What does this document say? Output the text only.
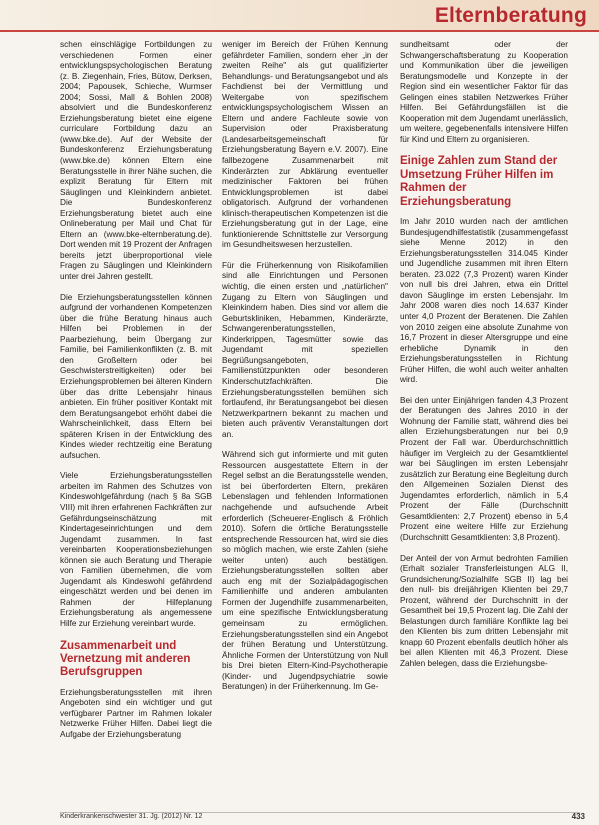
Elternberatung

schen einschlägige Fortbildungen zu verschiedenen Formen einer entwicklungspsychologischen Beratung (z. B. Ziegenhain, Fries, Bütow, Derksen, 2004; Papousek, Schieche, Wurmser 2004; Sossi, Mall & Bohlen 2008) absolviert und die Bundeskonferenz Erziehungsberatung bietet eine eigene curriculare Fortbildung dazu an (www.bke.de). Auf der Website der Bundeskonferenz Erziehungsberatung (www.bke.de) können Eltern eine Beratungsstelle in ihrer Nähe suchen, die explizit Beratung für Eltern mit Säuglingen und Kleinkindern anbietet. Die Bundeskonferenz Erziehungsberatung bietet auch eine Onlineberatung per Mail und Chat für Eltern an (www.bke-elternberatung.de). Dort wenden mit 19 Prozent der Anfragen bereits jetzt überproportional viele Fragen zu Säuglingen und Kleinkindern unter drei Jahren gestellt.

Die Erziehungsberatungsstellen können aufgrund der vorhandenen Kompetenzen über die frühe Beratung hinaus auch Hilfen bei Problemen in der Paarbeziehung, beim Übergang zur Familie, bei Familienkonflikten (z. B. mit den Großeltern oder bei Geschwisterstreitigkeiten) oder bei Erziehungsproblemen bei älteren Kindern über das dritte Lebensjahr hinaus anbieten. Ein früher positiver Kontakt mit dem Beratungsangebot erhöht dabei die Wahrscheinlichkeit, dass Eltern bei späteren Krisen in der Entwicklung des Kindes wieder rechtzeitig eine Beratung aufsuchen.

Viele Erziehungsberatungsstellen arbeiten im Rahmen des Schutzes von Kindeswohlgefährdung (nach § 8a SGB VIII) mit ihren erfahrenen Fachkräften zur Gefährdungseinschätzung mit Kindertageseinrichtungen und dem Jugendamt zusammen. In fast vereinbarten Kooperationsbeziehungen können sie auch Beratung und Therapie von Familien übernehmen, die vom Jugendamt als Kindeswohl gefährdend eingeschätzt werden und bei denen im Rahmen der Hilfeplanung Erziehungsberatung als angemessene Hilfe zur Erziehung vereinbart wurde.

Zusammenarbeit und Vernetzung mit anderen Berufsgruppen

Erziehungsberatungsstellen mit ihren Angeboten sind ein wichtiger und gut verfügbarer Partner im Rahmen lokaler Netzwerke Früher Hilfen. Dabei liegt die Aufgabe der Erziehungsberatung

weniger im Bereich der Frühen Kennung gefährdeter Familien, sondern eher „in der zweiten Reihe" als gut qualifizierter Behandlungs- und Beratungsangebot und als Fachdienst bei der Vermittlung und Weitergabe von spezifischem entwicklungspsychologischem Wissen an Eltern und andere Fachleute sowie von Supervision oder Praxisberatung (Landesarbeitsgemeinschaft für Erziehungsberatung Bayern e.V. 2007). Eine fallbezogene Zusammenarbeit mit Kinderärzten zur Abklärung eventueller medizinischer Faktoren bei frühen Entwicklungsproblemen ist dabei obligatorisch. Aufgrund der vorhandenen klinisch-therapeutischen Kompetenzen ist die Erziehungsberatung gut in der Lage, eine funktionierende Schnittstelle zur Versorgung im Gesundheitswesen herzustellen.

Für die Früherkennung von Risikofamilien sind alle Einrichtungen und Personen wichtig, die einen ersten und „natürlichen" Zugang zu Eltern von Säuglingen und Kleinkindern haben. Dies sind vor allem die Geburtskliniken, Hebammen, Kinderärzte, Schwangerenberatungsstellen, Kinderkrippen, Tagesmütter sowie das Jugendamt mit speziellen Begrüßungsangeboten, Familienstützpunkten oder besonderen Kinderschutzfachkräften. Die Erziehungsberatungsstellen bemühen sich fortlaufend, ihr Beratungsangebot bei diesen Netzwerkpartnern bekannt zu machen und bieten auch präventiv Veranstaltungen dort an.

Während sich gut informierte und mit guten Ressourcen ausgestattete Eltern in der Regel selbst an die Beratungsstelle wenden, ist bei überforderten Eltern, prekären Lebenslagen und fehlenden Informationen nachgehende und aufsuchende Arbeit erforderlich (Scheuerer-Englisch & Fröhlich 2010). Sofern die örtliche Beratungsstelle entsprechende Ressourcen hat, wird sie dies so möglich machen, wie erste Zahlen (siehe weiter unten) auch bestätigen. Erziehungsberatungsstellen sollten aber auch eng mit der Sozialpädagogischen Familienhilfe und anderen ambulanten Formen der Jugendhilfe zusammenarbeiten, um eine spezifische Entwicklungsberatung gemeinsam zu ermöglichen. Erziehungsberatungsstellen sind ein Angebot der frühen Beratung und Unterstützung. Ähnliche Formen der Unterstützung von Null bis Drei bieten Eltern-Kind-Psychotherapie (Kinder- und Jugendpsychiatrie sowie Beratungen) in der Früherkennung. Im Ge-

sundheitsamt oder der Schwangerschaftsberatung zu Kooperation und Kommunikation über die jeweiligen Beratungsmodelle und Konzepte in der Region sind ein wesentlicher Faktor für das Gelingen eines stabilen Netzwerkes Früher Hilfen. Bei Gefährdungsfällen ist die Kooperation mit dem Jugendamt unerlässlich, um weitere, gegebenenfalls intensivere Hilfen für Kind und Eltern zu organisieren.

Einige Zahlen zum Stand der Umsetzung Früher Hilfen im Rahmen der Erziehungsberatung

Im Jahr 2010 wurden nach der amtlichen Bundesjugendhilfestatistik (zusammengefasst siehe Menne 2012) in den Erziehungsberatungsstellen 314.045 Kinder und Jugendliche zusammen mit ihren Eltern beraten. 23.022 (7,3 Prozent) waren Kinder von null bis drei Jahren, etwa ein Drittel davon Säuglinge im ersten Lebensjahr. Im Jahr 2008 waren dies noch 14.637 Kinder unter 4,0 Prozent der Beratenen. Die Zahlen von 2010 zeigen eine absolute Zunahme von 16,7 Prozent in dieser Altersgruppe und eine erhebliche Dynamik in den Erziehungsberatungsstellen in Richtung Früher Hilfen, die wohl auch weiter anhalten wird.

Bei den unter Einjährigen fanden 4,3 Prozent der Beratungen des Jahres 2010 in der Wohnung der Familie statt, während dies bei allen Erziehungsberatungen nur bei 0,9 Prozent der Fall war. Überdurchschnittlich häufiger im Vergleich zu der Gesamtklientel war bei Säuglingen im ersten Lebensjahr zusätzlich zur Beratung eine Begleitung durch den Allgemeinen Sozialen Dienst des Jugendamtes erforderlich, nämlich in 5,4 Prozent der Fälle (Durchschnitt Gesamtklienten: 2,7 Prozent) ebenso in 5,4 Prozent eine weitere Hilfe zur Erziehung (Durchschnitt Gesamtklienten: 3,8 Prozent).

Der Anteil der von Armut bedrohten Familien (Erhalt sozialer Transferleistungen ALG II, Grundsicherung/Sozialhilfe SGB II) lag bei den null- bis dreijährigen Klienten bei 29,7 Prozent, während der Durchschnitt in der Gesamtheit bei 19,5 Prozent lag. Die Zahl der Belastungen durch familiäre Konflikte lag bei den Klienten bis zum dritten Lebensjahr mit knapp 60 Prozent ebenfalls deutlich höher als bei allen Klienten mit 46,3 Prozent. Diese Zahlen belegen, dass die Erziehungsbe-

Kinderkrankenschwester 31. Jg. (2012) Nr. 12	433
